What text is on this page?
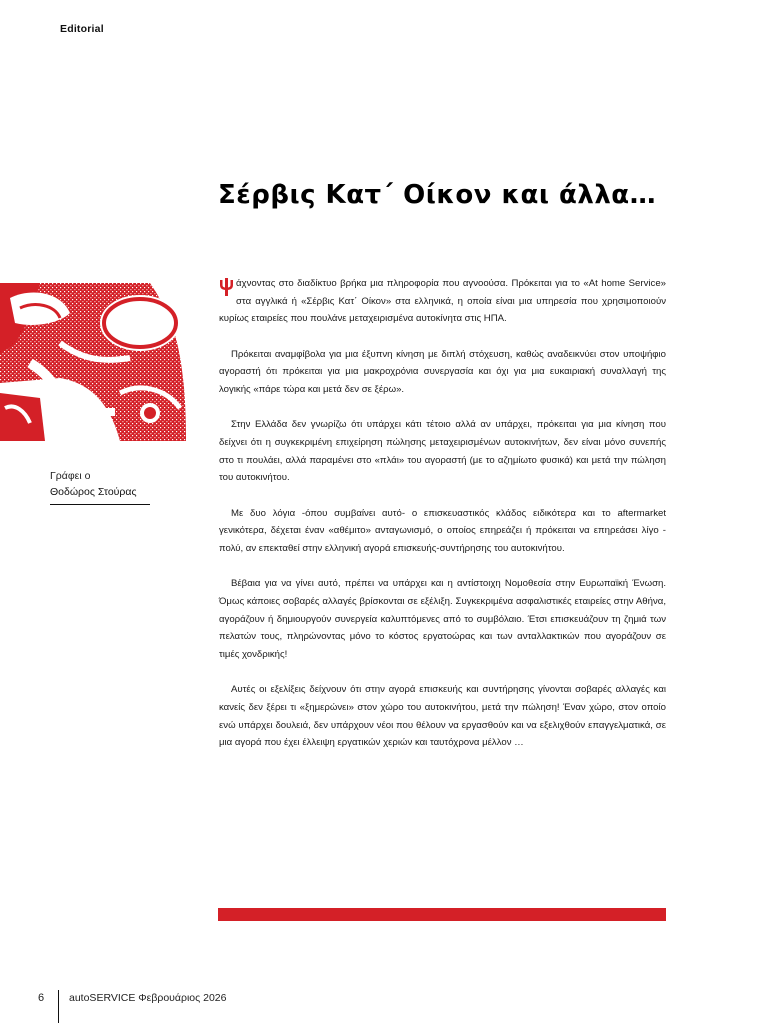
Editorial
Σέρβις Κατ΄ Οίκον και άλλα…
Γράφει ο
Θοδώρος Στούρας

άχνοντας στο διαδίκτυο βρήκα μια πληροφορία που αγνοούσα. Πρόκειται για το «At home Service» στα αγγλικά ή «Σέρβις Κατ΄ Οίκον» στα ελληνικά, η οποία είναι μια υπηρεσία που χρησιμοποιούν κυρίως εταιρείες που πουλάνε μεταχειρισμένα αυτοκίνητα στις ΗΠΑ.

Πρόκειται αναμφίβολα για μια έξυπνη κίνηση με διπλή στόχευση, καθώς αναδεικνύει στον υποψήφιο αγοραστή ότι πρόκειται για μια μακροχρόνια συνεργασία και όχι για μια ευκαιριακή συναλλαγή της λογικής «πάρε τώρα και μετά δεν σε ξέρω».

Στην Ελλάδα δεν γνωρίζω ότι υπάρχει κάτι τέτοιο αλλά αν υπάρχει, πρόκειται για μια κίνηση που δείχνει ότι η συγκεκριμένη επιχείρηση πώλησης μεταχειρισμένων αυτοκινήτων, δεν είναι μόνο συνεπής στο τι πουλάει, αλλά παραμένει στο «πλάι» του αγοραστή (με το αζημίωτο φυσικά) και μετά την πώληση του αυτοκινήτου.

Με δυο λόγια -όπου συμβαίνει αυτό- ο επισκευαστικός κλάδος ειδικότερα και το aftermarket γενικότερα, δέχεται έναν «αθέμιτο» ανταγωνισμό, ο οποίος επηρεάζει ή πρόκειται να επηρεάσει λίγο - πολύ, αν επεκταθεί στην ελληνική αγορά επισκευής-συντήρησης του αυτοκινήτου.

Βέβαια για να γίνει αυτό, πρέπει να υπάρχει και η αντίστοιχη Νομοθεσία στην Ευρωπαϊκή Ένωση. Όμως κάποιες σοβαρές αλλαγές βρίσκονται σε εξέλιξη. Συγκεκριμένα ασφαλιστικές εταιρείες στην Αθήνα, αγοράζουν ή δημιουργούν συνεργεία καλυπτόμενες από το συμβόλαιο. Έτσι επισκευάζουν τη ζημιά των πελατών τους, πληρώνοντας μόνο το κόστος εργατοώρας και των ανταλλακτικών που αγοράζουν σε τιμές χονδρικής!

Αυτές οι εξελίξεις δείχνουν ότι στην αγορά επισκευής και συντήρησης γίνονται σοβαρές αλλαγές και κανείς δεν ξέρει τι «ξημερώνει» στον χώρο του αυτοκινήτου, μετά την πώληση! Έναν χώρο, στον οποίο ενώ υπάρχει δουλειά, δεν υπάρχουν νέοι που θέλουν να εργασθούν και να εξελιχθούν επαγγελματικά, σε μια αγορά που έχει έλλειψη εργατικών χεριών και ταυτόχρονα μέλλον …

6 autoSERVICE Φεβρουάριος 2026
